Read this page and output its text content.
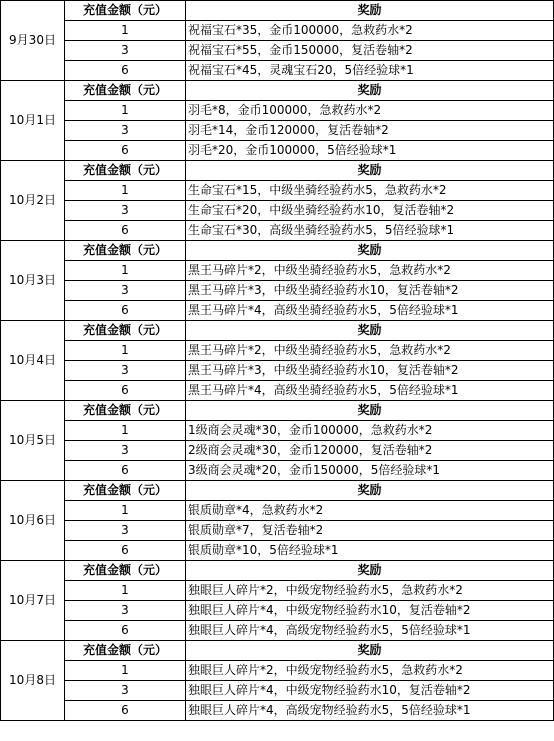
9月30日	充值金额（元）	奖励
	1	祝福宝石*35，金币100000，急救药水*2
	3	祝福宝石*55，金币150000，复活卷轴*2
	6	祝福宝石*45，灵魂宝石20，5倍经验球*1
10月1日	充值金额（元）	奖励
	1	羽毛*8，金币100000，急救药水*2
	3	羽毛*14，金币120000，复活卷轴*2
	6	羽毛*20，金币100000，5倍经验球*1
10月2日	充值金额（元）	奖励
	1	生命宝石*15，中级坐骑经验药水5，急救药水*2
	3	生命宝石*20，中级坐骑经验药水10，复活卷轴*2
	6	生命宝石*30，高级坐骑经验药水5，5倍经验球*1
10月3日	充值金额（元）	奖励
	1	黑王马碎片*2，中级坐骑经验药水5，急救药水*2
	3	黑王马碎片*3，中级坐骑经验药水10，复活卷轴*2
	6	黑王马碎片*4，高级坐骑经验药水5，5倍经验球*1
10月4日	充值金额（元）	奖励
	1	黑王马碎片*2，中级坐骑经验药水5，急救药水*2
	3	黑王马碎片*3，中级坐骑经验药水10，复活卷轴*2
	6	黑王马碎片*4，高级坐骑经验药水5，5倍经验球*1
10月5日	充值金额（元）	奖励
	1	1级商会灵魂*30，金币100000，急救药水*2
	3	2级商会灵魂*30，金币120000，复活卷轴*2
	6	3级商会灵魂*20，金币150000，5倍经验球*1
10月6日	充值金额（元）	奖励
	1	银质勋章*4，急救药水*2
	3	银质勋章*7，复活卷轴*2
	6	银质勋章*10，5倍经验球*1
10月7日	充值金额（元）	奖励
	1	独眼巨人碎片*2，中级宠物经验药水5，急救药水*2
	3	独眼巨人碎片*4，中级宠物经验药水10，复活卷轴*2
	6	独眼巨人碎片*4，高级宠物经验药水5，5倍经验球*1
10月8日	充值金额（元）	奖励
	1	独眼巨人碎片*2，中级宠物经验药水5，急救药水*2
	3	独眼巨人碎片*4，中级宠物经验药水10，复活卷轴*2
	6	独眼巨人碎片*4，高级宠物经验药水5，5倍经验球*1
